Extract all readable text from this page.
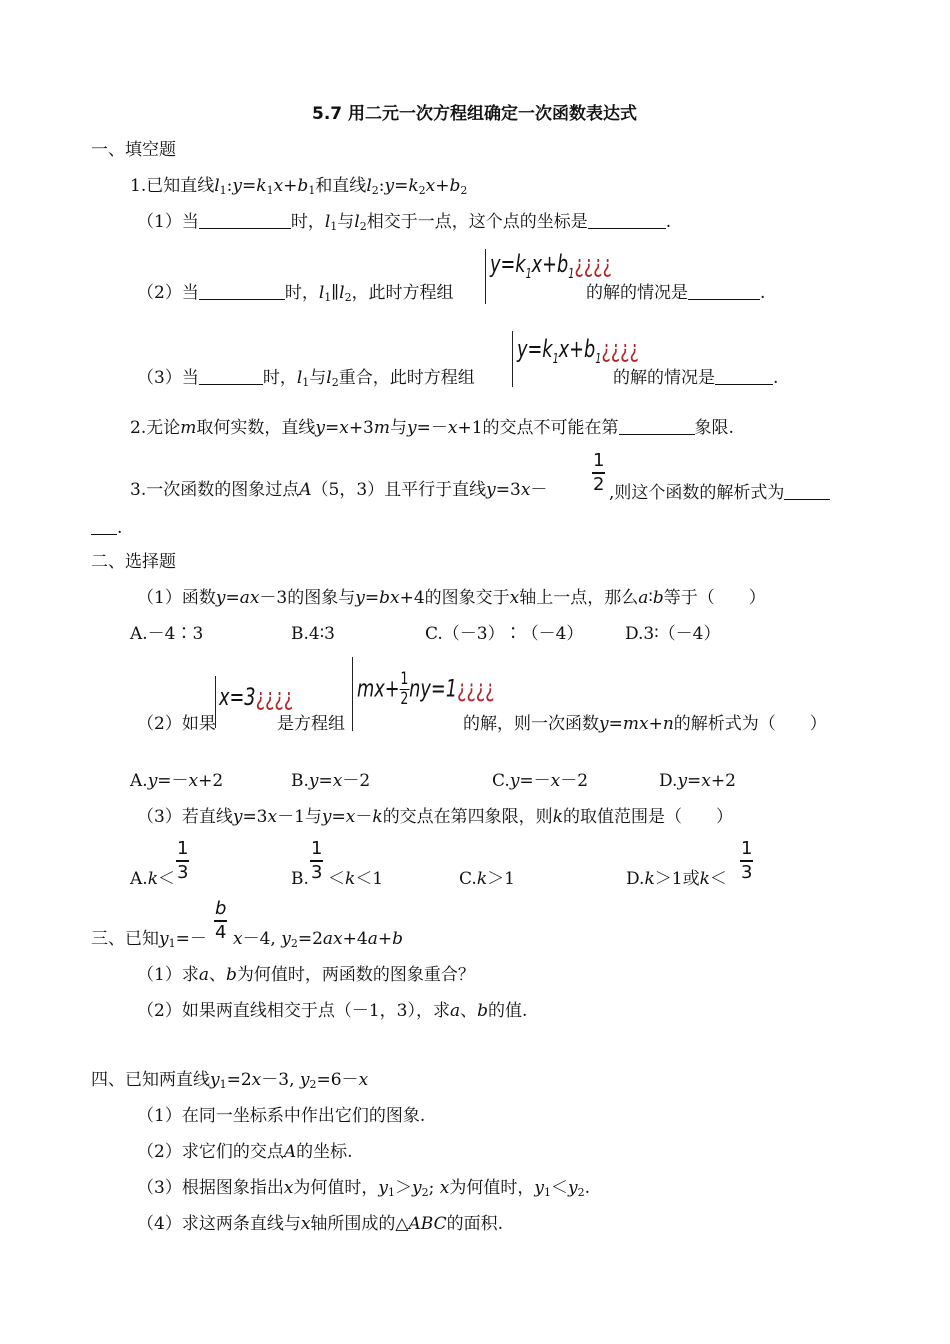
5.7 用二元一次方程组确定一次函数表达式
一、填空题
1.已知直线$l_1:y=k_1x+b_1$和直线$l_2:y=k_2x+b_2$
（1）当	时，$l_1$与$l_2$相交于一点，这个点的坐标是	.
（2）当	时，$l_1\parallel l_2$，此时方程组
$y=k_1x+b_1¿¿¿¿$
的解的情况是	.
（3）当	时，$l_1$与$l_2$重合，此时方程组
$y=k_1x+b_1¿¿¿¿$
的解的情况是	.
2.无论m取何实数，直线y=x+3m与y=－x+1的交点不可能在第	象限.
3.一次函数的图象过点A（5，3）且平行于直线$y=3x- \frac{1}{2}$ ,则这个函数的解析式为
.
二、选择题
（1）函数y=ax－3的图象与y=bx+4的图象交于x轴上一点，那么a∶b等于（　　）
A.－4∶3	B.4∶3	C.（－3）∶（－4） D.3∶（－4）
（2）如果
x=3¿¿¿¿
是方程组
$mx+ \frac{1}{2}$ ny=1¿¿¿¿
的解，则一次函数y=mx+n的解析式为（　　）
A.y=－x+2	B.y=x－2	C.y=－x－2	D.y=x+2
（3）若直线y=3x－1与y=x－k的交点在第四象限，则k的取值范围是（　　）
$A.k< \frac{1}{3}$	B. $\frac{1}{3} <k<1$	C.k＞1	D.k＞1或$k< \frac{1}{3}$
三、已知$y_1=- \frac{b}{4} x-4$, $y_2=2ax+4a+b$
（1）求a、b为何值时，两函数的图象重合？
（2）如果两直线相交于点（－1，3），求a、b的值.
四、已知两直线$y_1=2x-3$, $y_2=6-x$
（1）在同一坐标系中作出它们的图象.
（2）求它们的交点A的坐标.
（3）根据图象指出x为何值时，$y_1>y_2$; x为何值时，$y_1<y_2$.
（4）求这两条直线与x轴所围成的△ABC的面积.
